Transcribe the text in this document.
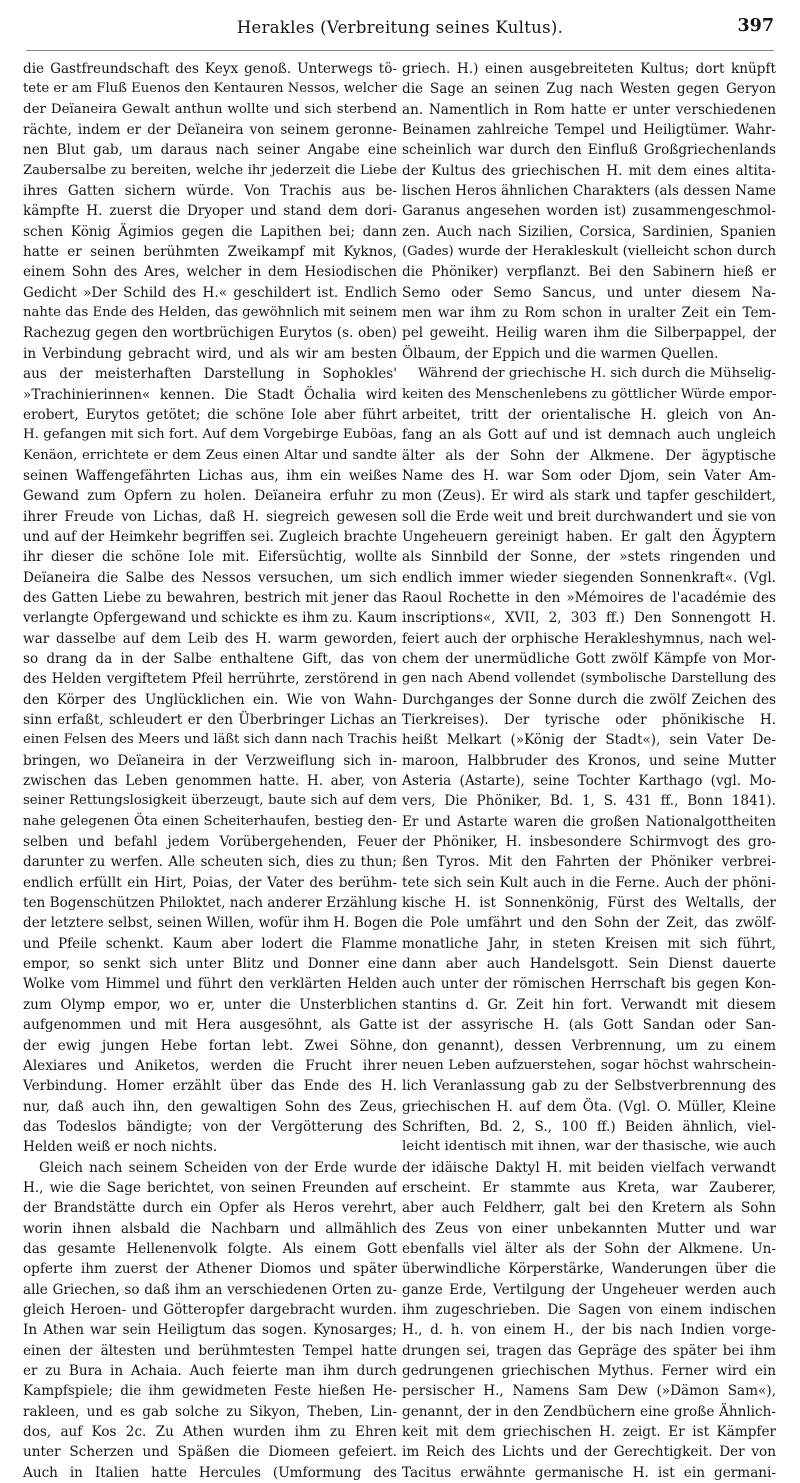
Herakles (Verbreitung seines Kultus).	397
die Gastfreundschaft des Keyx genoß. Unterwegs tö-
tete er am Fluß Euenos den Kentauren Nessos, welcher
der Deïaneira Gewalt anthun wollte und sich sterbend
rächte, indem er der Deïaneira von seinem geronne-
nen Blut gab, um daraus nach seiner Angabe eine
Zaubersalbe zu bereiten, welche ihr jederzeit die Liebe
ihres Gatten sichern würde. Von Trachis aus be-
kämpfte H. zuerst die Dryoper und stand dem dori-
schen König Ägimios gegen die Lapithen bei; dann
hatte er seinen berühmten Zweikampf mit Kyknos,
einem Sohn des Ares, welcher in dem Hesiodischen
Gedicht »Der Schild des H.« geschildert ist. Endlich
nahte das Ende des Helden, das gewöhnlich mit seinem
Rachezug gegen den wortbrüchigen Eurytos (s. oben)
in Verbindung gebracht wird, und als wir am besten
aus der meisterhaften Darstellung in Sophokles'
»Trachinierinnen« kennen. Die Stadt Öchalia wird
erobert, Eurytos getötet; die schöne Iole aber führt
H. gefangen mit sich fort. Auf dem Vorgebirge Euböas,
Kenäon, errichtete er dem Zeus einen Altar und sandte
seinen Waffengefährten Lichas aus, ihm ein weißes
Gewand zum Opfern zu holen. Deïaneira erfuhr zu
ihrer Freude von Lichas, daß H. siegreich gewesen
und auf der Heimkehr begriffen sei. Zugleich brachte
ihr dieser die schöne Iole mit. Eifersüchtig, wollte
Deïaneira die Salbe des Nessos versuchen, um sich
des Gatten Liebe zu bewahren, bestrich mit jener das
verlangte Opfergewand und schickte es ihm zu. Kaum
war dasselbe auf dem Leib des H. warm geworden,
so drang da in der Salbe enthaltene Gift, das von
des Helden vergiftetem Pfeil herrührte, zerstörend in
den Körper des Unglücklichen ein. Wie von Wahn-
sinn erfaßt, schleudert er den Überbringer Lichas an
einen Felsen des Meers und läßt sich dann nach Trachis
bringen, wo Deïaneira in der Verzweiflung sich in-
zwischen das Leben genommen hatte. H. aber, von
seiner Rettungslosigkeit überzeugt, baute sich auf dem
nahe gelegenen Öta einen Scheiterhaufen, bestieg den-
selben und befahl jedem Vorübergehenden, Feuer
darunter zu werfen. Alle scheuten sich, dies zu thun;
endlich erfüllt ein Hirt, Poias, der Vater des berühm-
ten Bogenschützen Philoktet, nach anderer Erzählung
der letztere selbst, seinen Willen, wofür ihm H. Bogen
und Pfeile schenkt. Kaum aber lodert die Flamme
empor, so senkt sich unter Blitz und Donner eine
Wolke vom Himmel und führt den verklärten Helden
zum Olymp empor, wo er, unter die Unsterblichen
aufgenommen und mit Hera ausgesöhnt, als Gatte
der ewig jungen Hebe fortan lebt. Zwei Söhne,
Alexiares und Aniketos, werden die Frucht ihrer
Verbindung. Homer erzählt über das Ende des H.
nur, daß auch ihn, den gewaltigen Sohn des Zeus,
das Todeslos bändigte; von der Vergötterung des
Helden weiß er noch nichts.
Gleich nach seinem Scheiden von der Erde wurde
H., wie die Sage berichtet, von seinen Freunden auf
der Brandstätte durch ein Opfer als Heros verehrt,
worin ihnen alsbald die Nachbarn und allmählich
das gesamte Hellenenvolk folgte. Als einem Gott
opferte ihm zuerst der Athener Diomos und später
alle Griechen, so daß ihm an verschiedenen Orten zu-
gleich Heroen- und Götteropfer dargebracht wurden.
In Athen war sein Heiligtum das sogen. Kynosarges;
einen der ältesten und berühmtesten Tempel hatte
er zu Bura in Achaia. Auch feierte man ihm durch
Kampfspiele; die ihm gewidmeten Feste hießen He-
rakleen, und es gab solche zu Sikyon, Theben, Lin-
dos, auf Kos 2c. Zu Athen wurden ihm zu Ehren
unter Scherzen und Späßen die Diomeen gefeiert.
Auch in Italien hatte Hercules (Umformung des
griech. H.) einen ausgebreiteten Kultus; dort knüpft
die Sage an seinen Zug nach Westen gegen Geryon
an. Namentlich in Rom hatte er unter verschiedenen
Beinamen zahlreiche Tempel und Heiligtümer. Wahr-
scheinlich war durch den Einfluß Großgriechenlands
der Kultus des griechischen H. mit dem eines altita-
lischen Heros ähnlichen Charakters (als dessen Name
Garanus angesehen worden ist) zusammengeschmol-
zen. Auch nach Sizilien, Corsica, Sardinien, Spanien
(Gades) wurde der Herakleskult (vielleicht schon durch
die Phöniker) verpflanzt. Bei den Sabinern hieß er
Semo oder Semo Sancus, und unter diesem Na-
men war ihm zu Rom schon in uralter Zeit ein Tem-
pel geweiht. Heilig waren ihm die Silberpappel, der
Ölbaum, der Eppich und die warmen Quellen.
Während der griechische H. sich durch die Mühselig-
keiten des Menschenlebens zu göttlicher Würde empor-
arbeitet, tritt der orientalische H. gleich von An-
fang an als Gott auf und ist demnach auch ungleich
älter als der Sohn der Alkmene. Der ägyptische
Name des H. war Som oder Djom, sein Vater Am-
mon (Zeus). Er wird als stark und tapfer geschildert,
soll die Erde weit und breit durchwandert und sie von
Ungeheuern gereinigt haben. Er galt den Ägyptern
als Sinnbild der Sonne, der »stets ringenden und
endlich immer wieder siegenden Sonnenkraft«. (Vgl.
Raoul Rochette in den »Mémoires de l'académie des
inscriptions«, XVII, 2, 303 ff.) Den Sonnengott H.
feiert auch der orphische Herakleshymnus, nach wel-
chem der unermüdliche Gott zwölf Kämpfe von Mor-
gen nach Abend vollendet (symbolische Darstellung des
Durchganges der Sonne durch die zwölf Zeichen des
Tierkreises). Der tyrische oder phönikische H.
heißt Melkart (»König der Stadt«), sein Vater De-
maroon, Halbbruder des Kronos, und seine Mutter
Asteria (Astarte), seine Tochter Karthago (vgl. Mo-
vers, Die Phöniker, Bd. 1, S. 431 ff., Bonn 1841).
Er und Astarte waren die großen Nationalgottheiten
der Phöniker, H. insbesondere Schirmvogt des gro-
ßen Tyros. Mit den Fahrten der Phöniker verbrei-
tete sich sein Kult auch in die Ferne. Auch der phöni-
kische H. ist Sonnenkönig, Fürst des Weltalls, der
die Pole umfährt und den Sohn der Zeit, das zwölf-
monatliche Jahr, in steten Kreisen mit sich führt,
dann aber auch Handelsgott. Sein Dienst dauerte
auch unter der römischen Herrschaft bis gegen Kon-
stantins d. Gr. Zeit hin fort. Verwandt mit diesem
ist der assyrische H. (als Gott Sandan oder San-
don genannt), dessen Verbrennung, um zu einem
neuen Leben aufzuerstehen, sogar höchst wahrschein-
lich Veranlassung gab zu der Selbstverbrennung des
griechischen H. auf dem Öta. (Vgl. O. Müller, Kleine
Schriften, Bd. 2, S., 100 ff.) Beiden ähnlich, viel-
leicht identisch mit ihnen, war der thasische, wie auch
der idäische Daktyl H. mit beiden vielfach verwandt
erscheint. Er stammte aus Kreta, war Zauberer,
aber auch Feldherr, galt bei den Kretern als Sohn
des Zeus von einer unbekannten Mutter und war
ebenfalls viel älter als der Sohn der Alkmene. Un-
überwindliche Körperstärke, Wanderungen über die
ganze Erde, Vertilgung der Ungeheuer werden auch
ihm zugeschrieben. Die Sagen von einem indischen
H., d. h. von einem H., der bis nach Indien vorge-
drungen sei, tragen das Gepräge des später bei ihm
gedrungenen griechischen Mythus. Ferner wird ein
persischer H., Namens Sam Dew (»Dämon Sam«),
genannt, der in den Zendbüchern eine große Ähnlich-
keit mit dem griechischen H. zeigt. Er ist Kämpfer
im Reich des Lichts und der Gerechtigkeit. Der von
Tacitus erwähnte germanische H. ist ein germani-
